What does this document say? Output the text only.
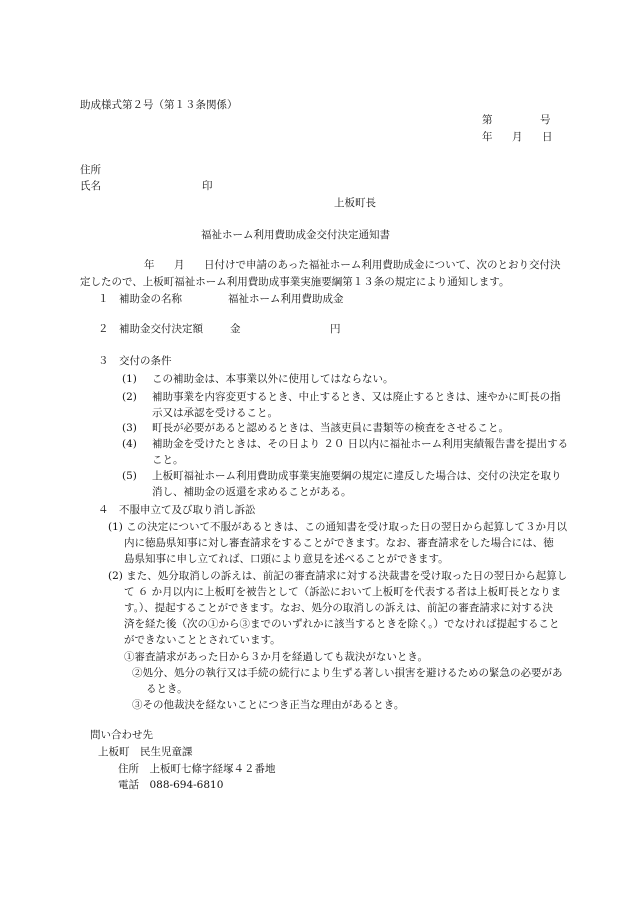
助成様式第２号（第１３条関係）
第	号
年 月 日
住所
氏名	印
上板町長
福祉ホーム利用費助成金交付決定通知書
年 月 日付けで申請のあった福祉ホーム利用費助成金について、次のとおり交付決
定したので、上板町福祉ホーム利用費助成事業実施要綱第１３条の規定により通知します。
１　補助金の名称	福祉ホーム利用費助成金
２　補助金交付決定額	金	円
３　交付の条件
(1) この補助金は、本事業以外に使用してはならない。
(2) 補助事業を内容変更するとき、中止するとき、又は廃止するときは、速やかに町長の指
示又は承認を受けること。
(3) 町長が必要があると認めるときは、当該吏員に書類等の検査をさせること。
(4) 補助金を受けたときは、その日より ２０ 日以内に福祉ホーム利用実績報告書を提出する
こと。
(5) 上板町福祉ホーム利用費助成事業実施要綱の規定に違反した場合は、交付の決定を取り
消し、補助金の返還を求めることがある。
４　不服申立て及び取り消し訴訟
(1) この決定について不服があるときは、この通知書を受け取った日の翌日から起算して３か月以
内に徳島県知事に対し審査請求をすることができます。なお、審査請求をした場合には、徳
島県知事に申し立てれば、口頭により意見を述べることができます。
(2) また、処分取消しの訴えは、前記の審査請求に対する決裁書を受け取った日の翌日から起算し
て ６ か月以内に上板町を被告として（訴訟において上板町を代表する者は上板町長となりま
す。）、提起することができます。なお、処分の取消しの訴えは、前記の審査請求に対する決
済を経た後（次の①から③までのいずれかに該当するときを除く。）でなければ提起すること
ができないこととされています。
①審査請求があった日から３か月を経過しても裁決がないとき。
②処分、処分の執行又は手続の続行により生ずる著しい損害を避けるための緊急の必要があ
るとき。
③その他裁決を経ないことにつき正当な理由があるとき。
問い合わせ先
上板町　民生児童課
住所　上板町七條字経塚４２番地
電話　088-694-6810
